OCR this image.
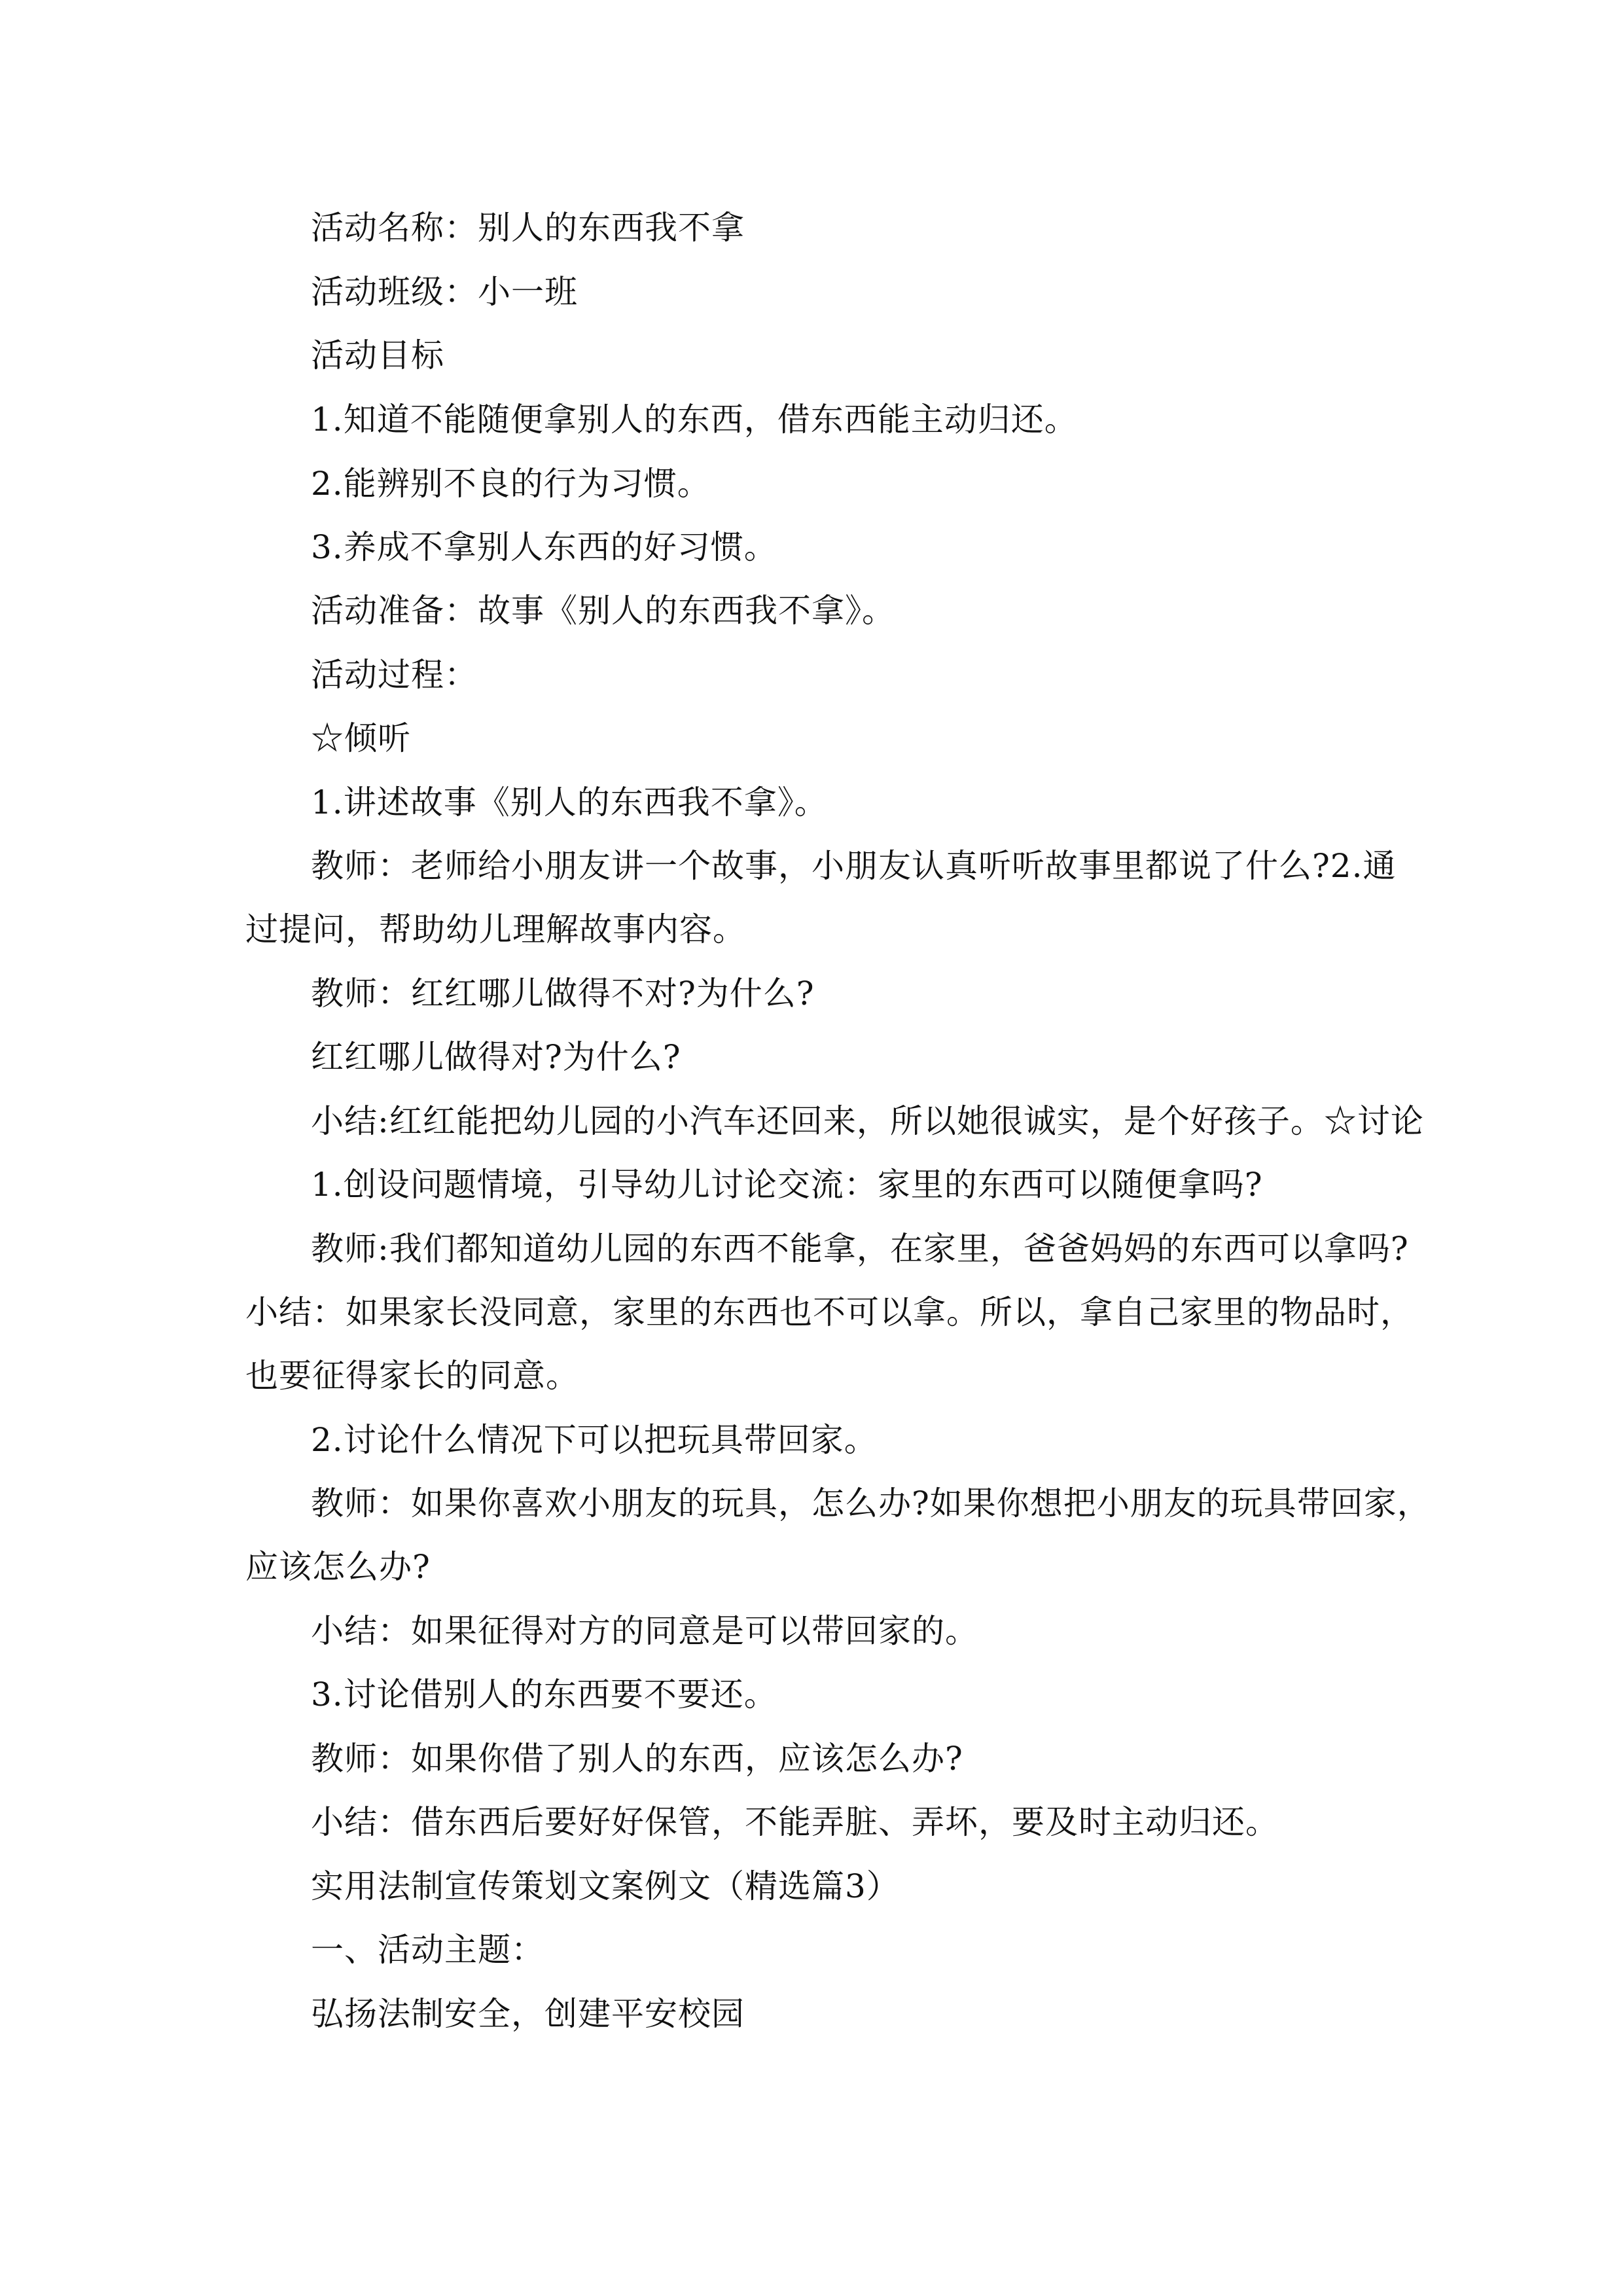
活动名称：别人的东西我不拿

活动班级：小一班

活动目标

1.知道不能随便拿别人的东西，借东西能主动归还。

2.能辨别不良的行为习惯。

3.养成不拿别人东西的好习惯。

活动准备：故事《别人的东西我不拿》。

活动过程：

☆倾听

1.讲述故事《别人的东西我不拿》。

教师：老师给小朋友讲一个故事，小朋友认真听听故事里都说了什么?2.通

过提问，帮助幼儿理解故事内容。

教师：红红哪儿做得不对?为什么?

红红哪儿做得对?为什么?

小结:红红能把幼儿园的小汽车还回来，所以她很诚实，是个好孩子。☆讨论

1.创设问题情境，引导幼儿讨论交流：家里的东西可以随便拿吗?

教师:我们都知道幼儿园的东西不能拿，在家里，爸爸妈妈的东西可以拿吗?

小结：如果家长没同意，家里的东西也不可以拿。所以，拿自己家里的物品时，

也要征得家长的同意。

2.讨论什么情况下可以把玩具带回家。

教师：如果你喜欢小朋友的玩具，怎么办?如果你想把小朋友的玩具带回家，

应该怎么办?

小结：如果征得对方的同意是可以带回家的。

3.讨论借别人的东西要不要还。

教师：如果你借了别人的东西，应该怎么办?

小结：借东西后要好好保管，不能弄脏、弄坏，要及时主动归还。

实用法制宣传策划文案例文（精选篇3）

一、活动主题：

弘扬法制安全，创建平安校园
